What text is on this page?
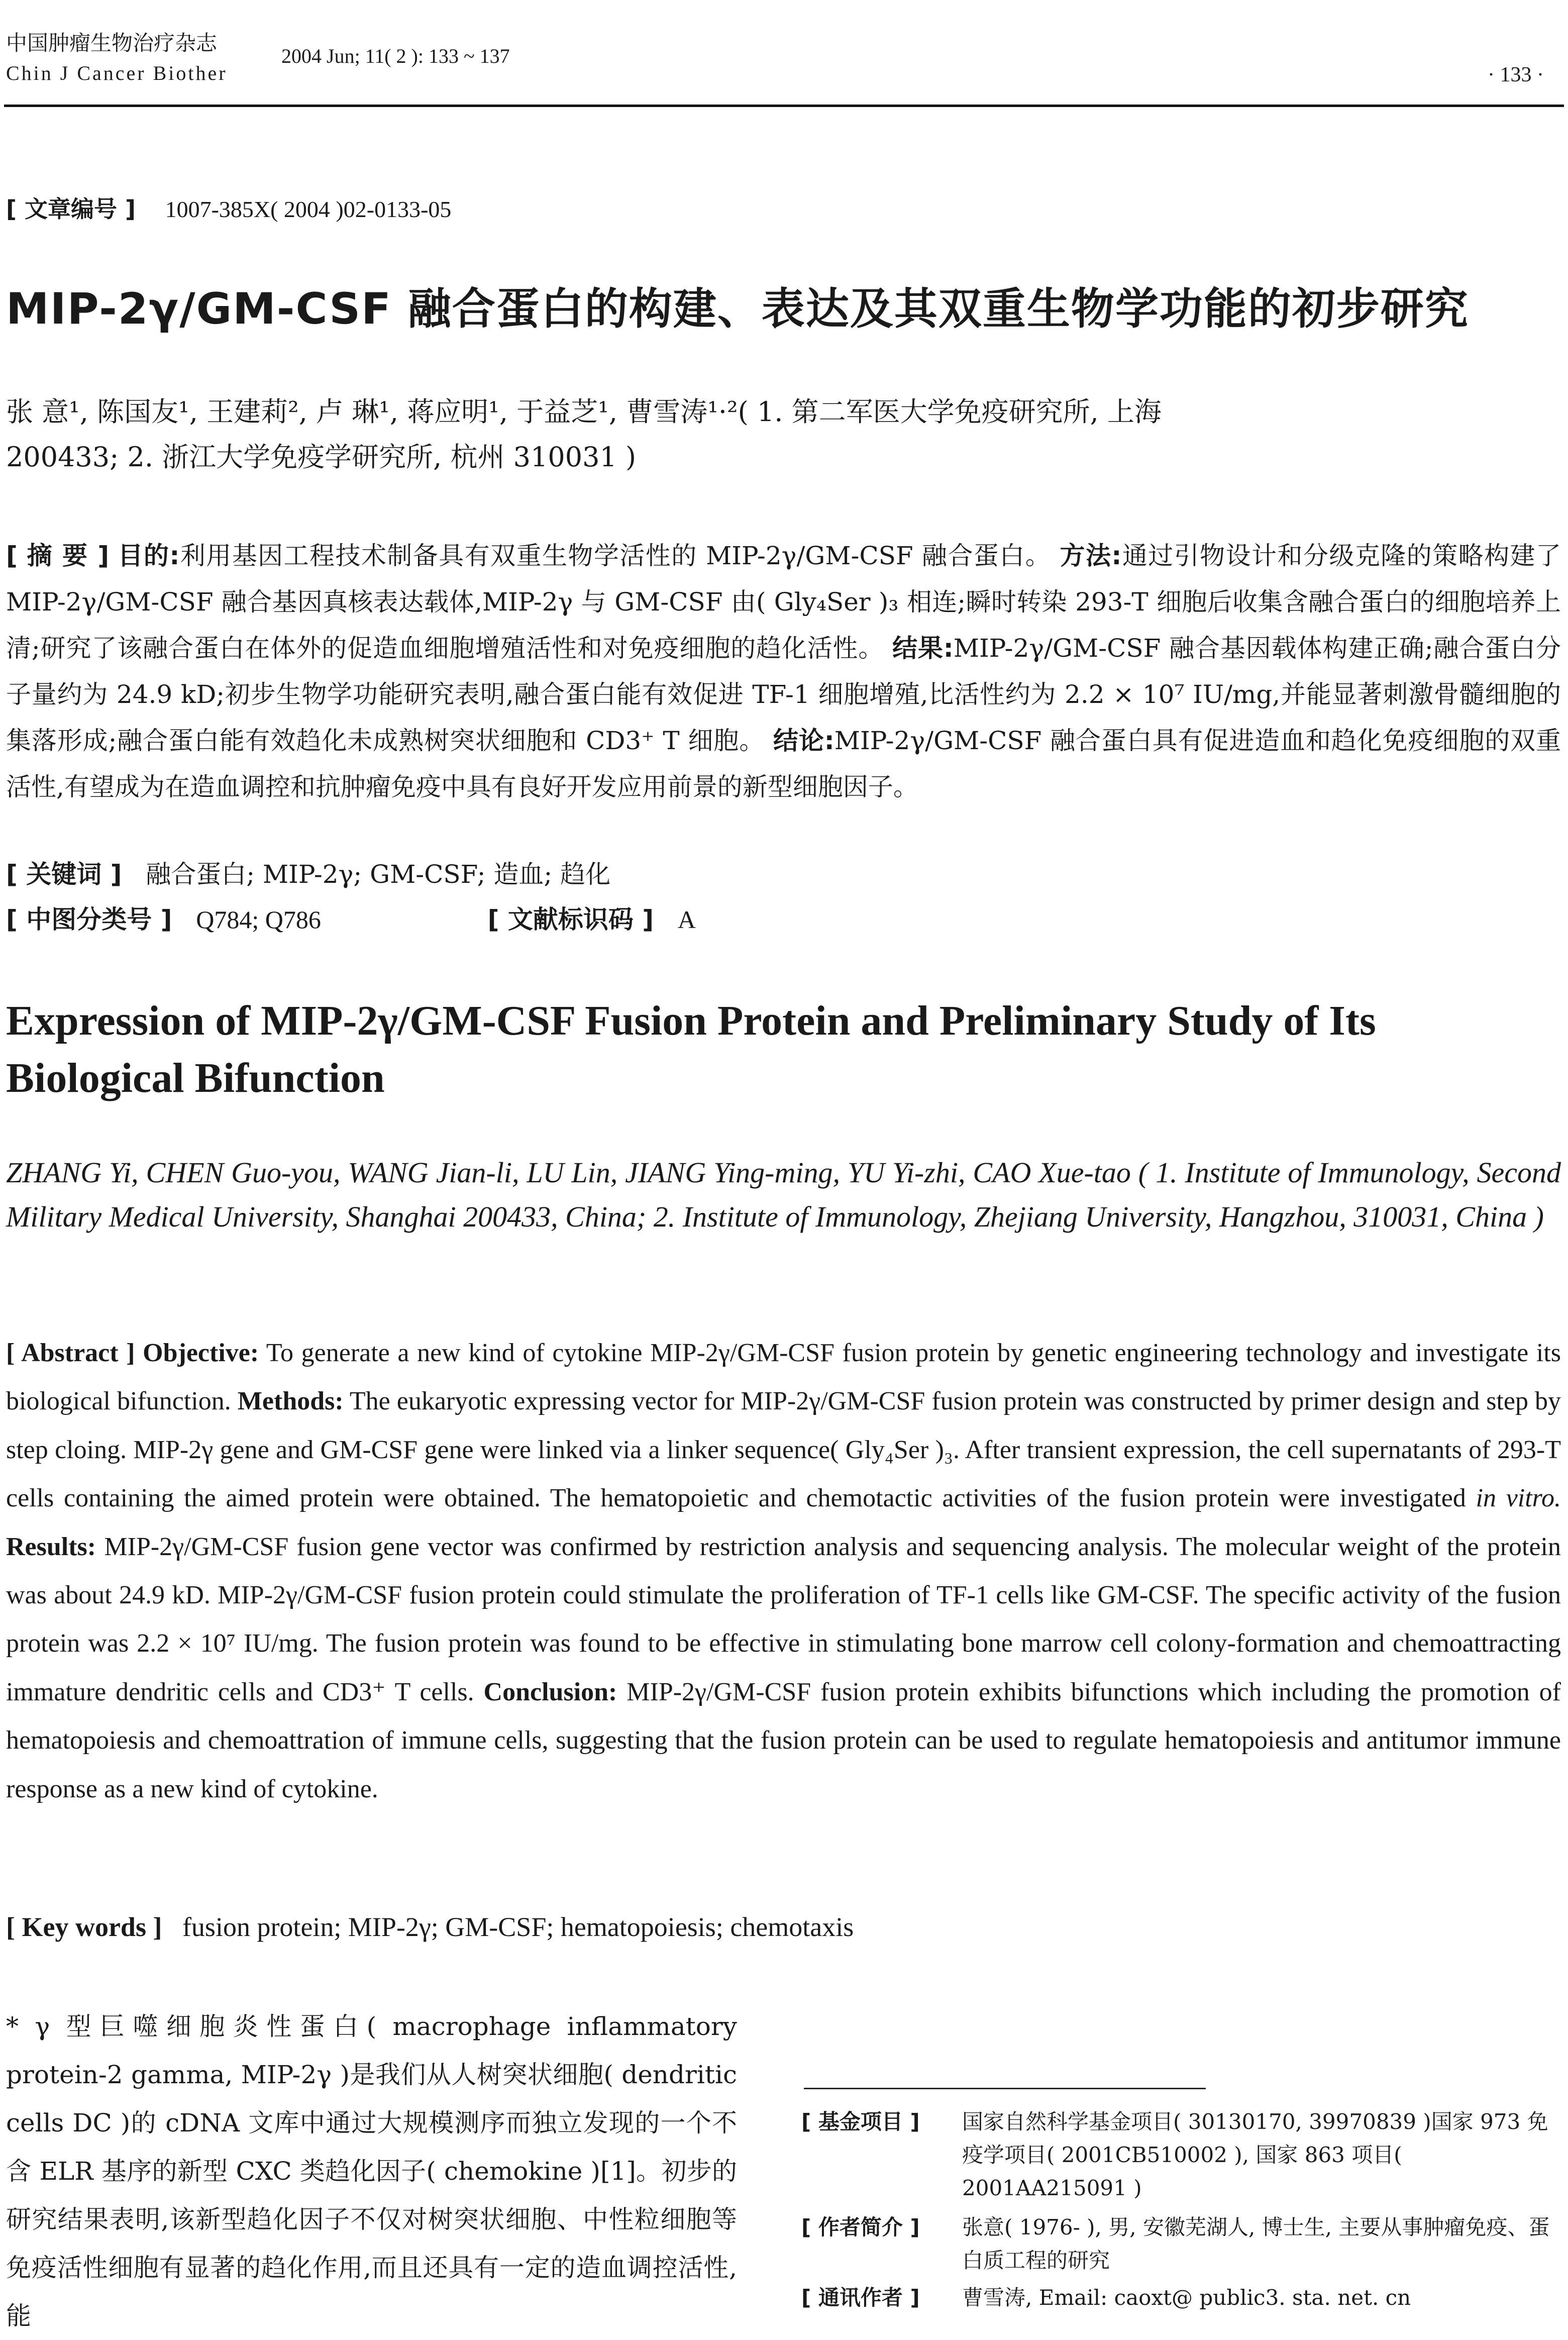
中国肿瘤生物治疗杂志
Chin J Cancer Biother
2004 Jun; 11( 2 ): 133 ~ 137
· 133 ·
[ 文章编号 ] 1007-385X( 2004 )02-0133-05
MIP-2γ/GM-CSF 融合蛋白的构建、表达及其双重生物学功能的初步研究
张 意¹, 陈国友¹, 王建莉², 卢 琳¹, 蒋应明¹, 于益芝¹, 曹雪涛¹·²( 1. 第二军医大学免疫研究所, 上海
200433; 2. 浙江大学免疫学研究所, 杭州 310031 )
[ 摘 要 ] 目的:利用基因工程技术制备具有双重生物学活性的 MIP-2γ/GM-CSF 融合蛋白。 方法:通过引物设计和分级克隆的策略构建了 MIP-2γ/GM-CSF 融合基因真核表达载体,MIP-2γ 与 GM-CSF 由( Gly₄Ser )₃ 相连;瞬时转染 293-T 细胞后收集含融合蛋白的细胞培养上清;研究了该融合蛋白在体外的促造血细胞增殖活性和对免疫细胞的趋化活性。 结果:MIP-2γ/GM-CSF 融合基因载体构建正确;融合蛋白分子量约为 24.9 kD;初步生物学功能研究表明,融合蛋白能有效促进 TF-1 细胞增殖,比活性约为 2.2 × 10⁷ IU/mg,并能显著刺激骨髓细胞的集落形成;融合蛋白能有效趋化未成熟树突状细胞和 CD3⁺ T 细胞。 结论:MIP-2γ/GM-CSF 融合蛋白具有促进造血和趋化免疫细胞的双重活性,有望成为在造血调控和抗肿瘤免疫中具有良好开发应用前景的新型细胞因子。
[ 关键词 ] 融合蛋白; MIP-2γ; GM-CSF; 造血; 趋化
[ 中图分类号 ] Q784; Q786	[ 文献标识码 ] A
Expression of MIP-2γ/GM-CSF Fusion Protein and Preliminary Study of Its Biological Bifunction
ZHANG Yi, CHEN Guo-you, WANG Jian-li, LU Lin, JIANG Ying-ming, YU Yi-zhi, CAO Xue-tao ( 1. Institute of Immunology, Second Military Medical University, Shanghai 200433, China; 2. Institute of Immunology, Zhejiang University, Hangzhou, 310031, China )
[ Abstract ] Objective: To generate a new kind of cytokine MIP-2γ/GM-CSF fusion protein by genetic engineering technology and investigate its biological bifunction. Methods: The eukaryotic expressing vector for MIP-2γ/GM-CSF fusion protein was constructed by primer design and step by step cloing. MIP-2γ gene and GM-CSF gene were linked via a linker sequence( Gly₄Ser )₃. After transient expression, the cell supernatants of 293-T cells containing the aimed protein were obtained. The hematopoietic and chemotactic activities of the fusion protein were investigated in vitro. Results: MIP-2γ/GM-CSF fusion gene vector was confirmed by restriction analysis and sequencing analysis. The molecular weight of the protein was about 24.9 kD. MIP-2γ/GM-CSF fusion protein could stimulate the proliferation of TF-1 cells like GM-CSF. The specific activity of the fusion protein was 2.2 × 10⁷ IU/mg. The fusion protein was found to be effective in stimulating bone marrow cell colony-formation and chemoattracting immature dendritic cells and CD3⁺ T cells. Conclusion: MIP-2γ/GM-CSF fusion protein exhibits bifunctions which including the promotion of hematopoiesis and chemoattration of immune cells, suggesting that the fusion protein can be used to regulate hematopoiesis and antitumor immune response as a new kind of cytokine.
[ Key words ] fusion protein; MIP-2γ; GM-CSF; hematopoiesis; chemotaxis
* γ 型巨噬细胞炎性蛋白( macrophage inflammatory protein-2 gamma, MIP-2γ )是我们从人树突状细胞( dendritic cells DC )的 cDNA 文库中通过大规模测序而独立发现的一个不含 ELR 基序的新型 CXC 类趋化因子( chemokine )[1]。初步的研究结果表明,该新型趋化因子不仅对树突状细胞、中性粒细胞等免疫活性细胞有显著的趋化作用,而且还具有一定的造血调控活性,能
[ 基金项目 ] 国家自然科学基金项目( 30130170, 39970839 )国家 973 免疫学项目( 2001CB510002 ), 国家 863 项目( 2001AA215091 )
[ 作者简介 ] 张意( 1976- ), 男, 安徽芜湖人, 博士生, 主要从事肿瘤免疫、蛋白质工程的研究
[ 通讯作者 ] 曹雪涛, Email: caoxt@ public3. sta. net. cn
